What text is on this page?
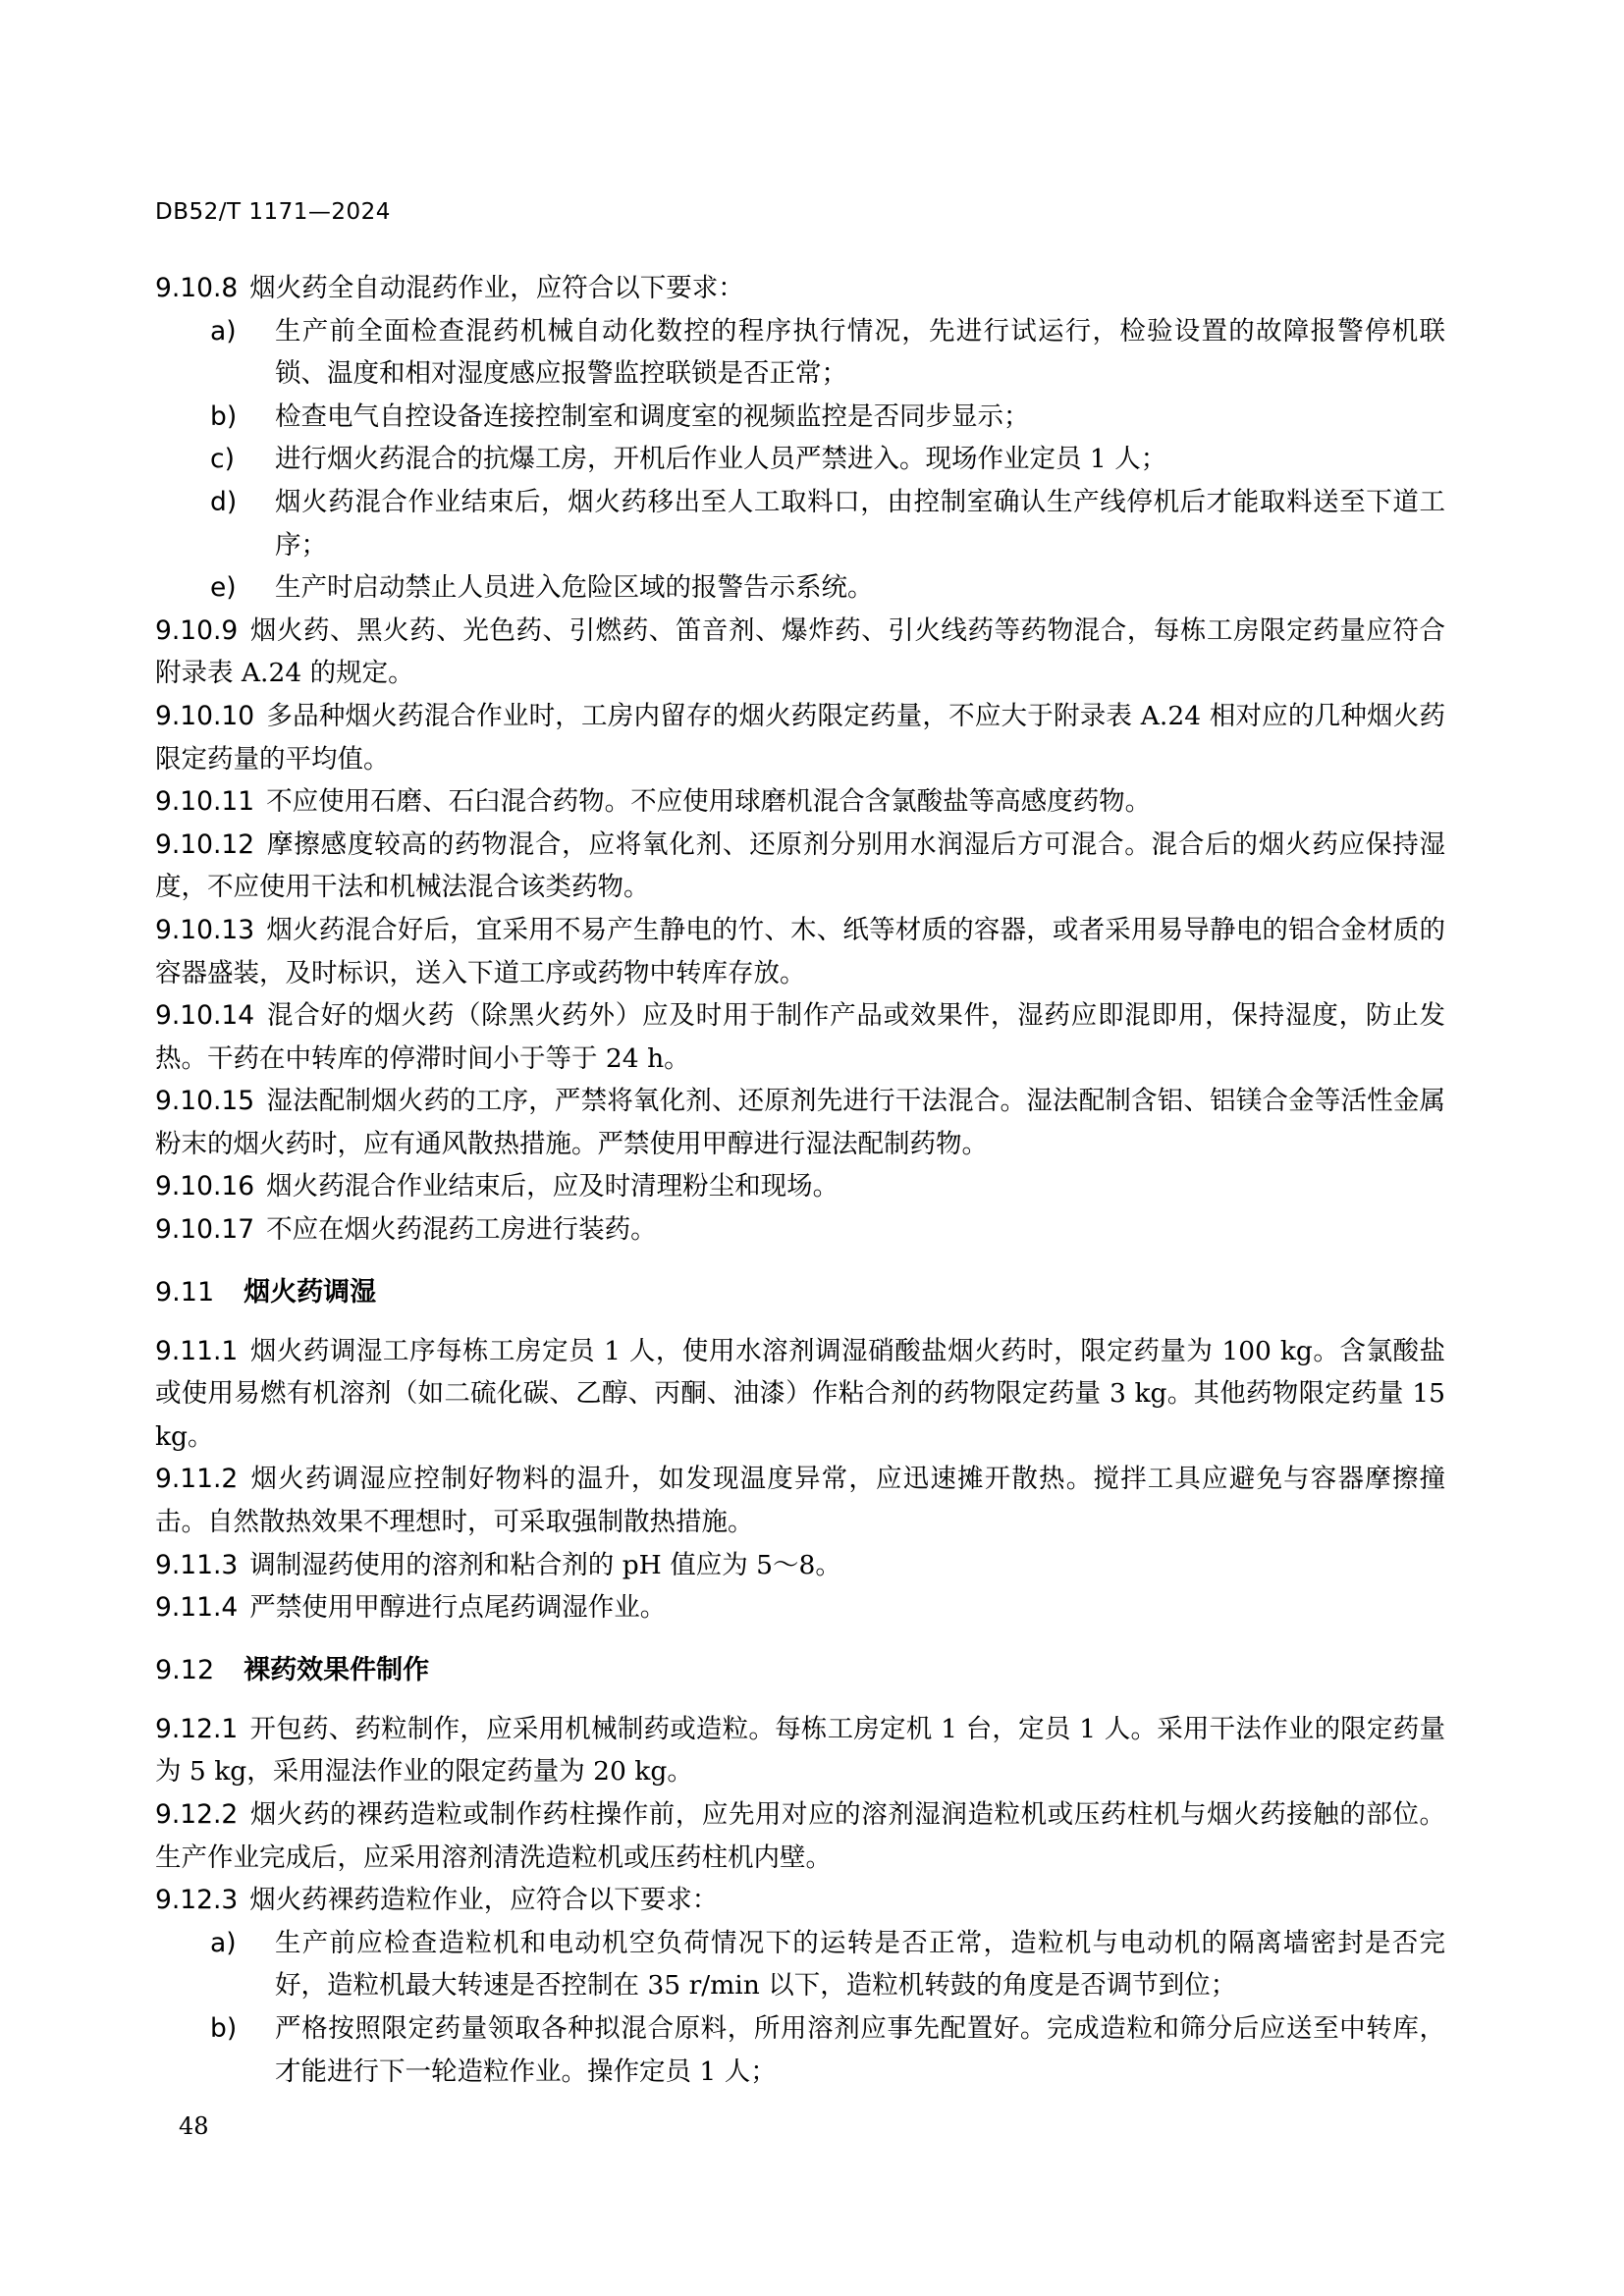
DB52/T 1171—2024

9.10.8 烟火药全自动混药作业，应符合以下要求：

a) 生产前全面检查混药机械自动化数控的程序执行情况，先进行试运行，检验设置的故障报警停机联锁、温度和相对湿度感应报警监控联锁是否正常；

b) 检查电气自控设备连接控制室和调度室的视频监控是否同步显示；

c) 进行烟火药混合的抗爆工房，开机后作业人员严禁进入。现场作业定员 1 人；

d) 烟火药混合作业结束后，烟火药移出至人工取料口，由控制室确认生产线停机后才能取料送至下道工序；

e) 生产时启动禁止人员进入危险区域的报警告示系统。

9.10.9 烟火药、黑火药、光色药、引燃药、笛音剂、爆炸药、引火线药等药物混合，每栋工房限定药量应符合附录表 A.24 的规定。

9.10.10 多品种烟火药混合作业时，工房内留存的烟火药限定药量，不应大于附录表 A.24 相对应的几种烟火药限定药量的平均值。

9.10.11 不应使用石磨、石臼混合药物。不应使用球磨机混合含氯酸盐等高感度药物。

9.10.12 摩擦感度较高的药物混合，应将氧化剂、还原剂分别用水润湿后方可混合。混合后的烟火药应保持湿度，不应使用干法和机械法混合该类药物。

9.10.13 烟火药混合好后，宜采用不易产生静电的竹、木、纸等材质的容器，或者采用易导静电的铝合金材质的容器盛装，及时标识，送入下道工序或药物中转库存放。

9.10.14 混合好的烟火药（除黑火药外）应及时用于制作产品或效果件，湿药应即混即用，保持湿度，防止发热。干药在中转库的停滞时间小于等于 24 h。

9.10.15 湿法配制烟火药的工序，严禁将氧化剂、还原剂先进行干法混合。湿法配制含铝、铝镁合金等活性金属粉末的烟火药时，应有通风散热措施。严禁使用甲醇进行湿法配制药物。

9.10.16 烟火药混合作业结束后，应及时清理粉尘和现场。

9.10.17 不应在烟火药混药工房进行装药。

9.11 烟火药调湿

9.11.1 烟火药调湿工序每栋工房定员 1 人，使用水溶剂调湿硝酸盐烟火药时，限定药量为 100 kg。含氯酸盐或使用易燃有机溶剂（如二硫化碳、乙醇、丙酮、油漆）作粘合剂的药物限定药量 3 kg。其他药物限定药量 15 kg。

9.11.2 烟火药调湿应控制好物料的温升，如发现温度异常，应迅速摊开散热。搅拌工具应避免与容器摩擦撞击。自然散热效果不理想时，可采取强制散热措施。

9.11.3 调制湿药使用的溶剂和粘合剂的 pH 值应为 5～8。

9.11.4 严禁使用甲醇进行点尾药调湿作业。

9.12 裸药效果件制作

9.12.1 开包药、药粒制作，应采用机械制药或造粒。每栋工房定机 1 台，定员 1 人。采用干法作业的限定药量为 5 kg，采用湿法作业的限定药量为 20 kg。

9.12.2 烟火药的裸药造粒或制作药柱操作前，应先用对应的溶剂湿润造粒机或压药柱机与烟火药接触的部位。生产作业完成后，应采用溶剂清洗造粒机或压药柱机内壁。

9.12.3 烟火药裸药造粒作业，应符合以下要求：

a) 生产前应检查造粒机和电动机空负荷情况下的运转是否正常，造粒机与电动机的隔离墙密封是否完好，造粒机最大转速是否控制在 35 r/min 以下，造粒机转鼓的角度是否调节到位；

b) 严格按照限定药量领取各种拟混合原料，所用溶剂应事先配置好。完成造粒和筛分后应送至中转库，才能进行下一轮造粒作业。操作定员 1 人；

48
